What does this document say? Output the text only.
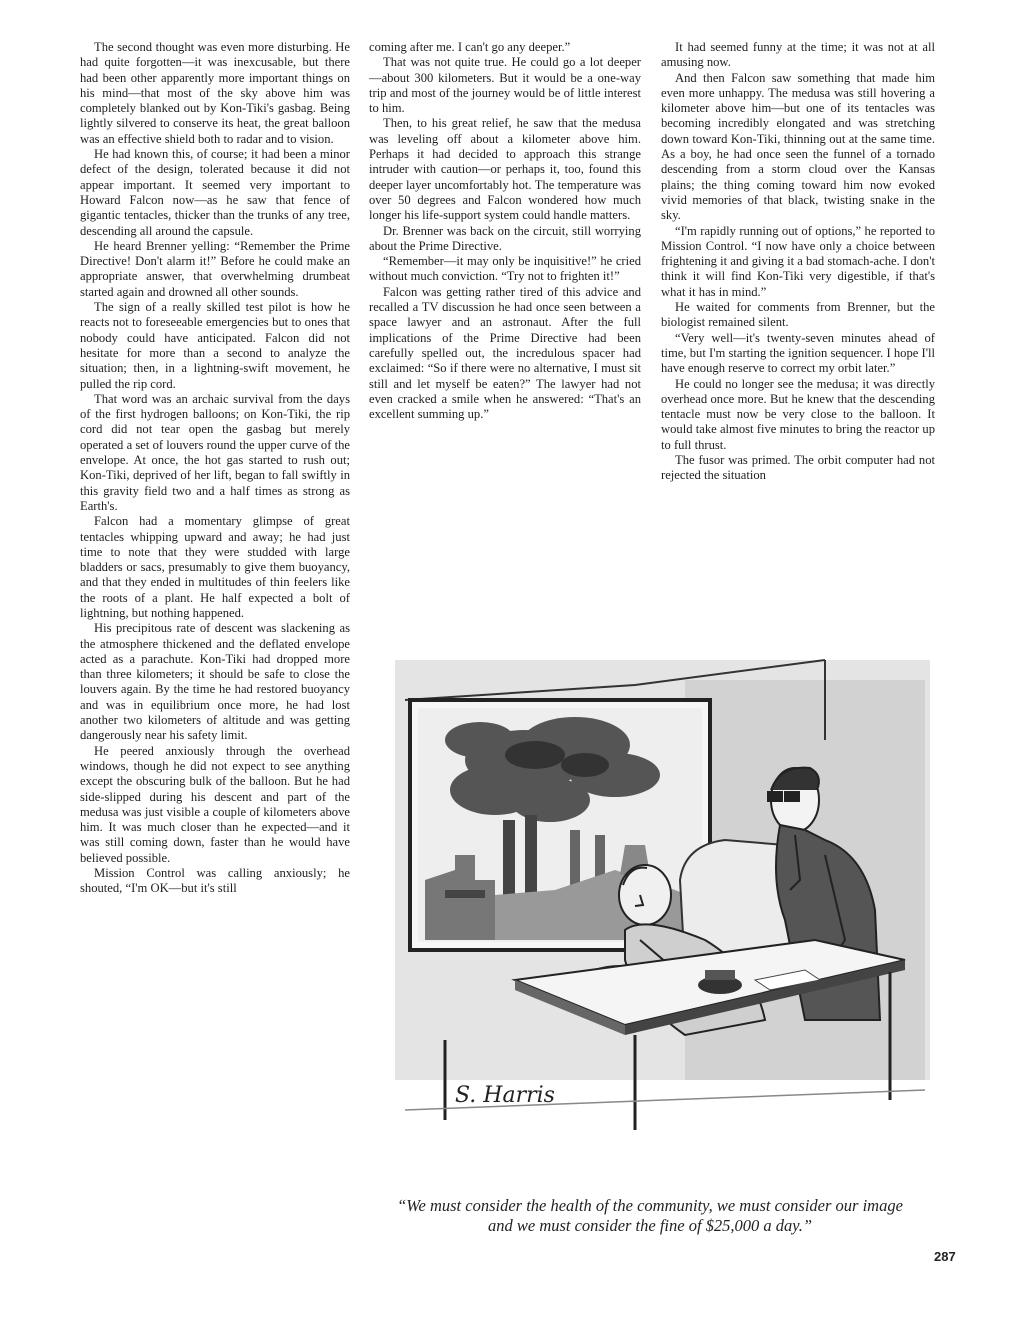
The second thought was even more disturbing. He had quite forgotten—it was inexcusable, but there had been other apparently more important things on his mind—that most of the sky above him was completely blanked out by Kon-Tiki's gasbag. Being lightly silvered to conserve its heat, the great balloon was an effective shield both to radar and to vision.

He had known this, of course; it had been a minor defect of the design, tolerated because it did not appear important. It seemed very important to Howard Falcon now—as he saw that fence of gigantic tentacles, thicker than the trunks of any tree, descending all around the capsule.

He heard Brenner yelling: “Remember the Prime Directive! Don't alarm it!” Before he could make an appropriate answer, that overwhelming drumbeat started again and drowned all other sounds.

The sign of a really skilled test pilot is how he reacts not to foreseeable emergencies but to ones that nobody could have anticipated. Falcon did not hesitate for more than a second to analyze the situation; then, in a lightning-swift movement, he pulled the rip cord.

That word was an archaic survival from the days of the first hydrogen balloons; on Kon-Tiki, the rip cord did not tear open the gasbag but merely operated a set of louvers round the upper curve of the envelope. At once, the hot gas started to rush out; Kon-Tiki, deprived of her lift, began to fall swiftly in this gravity field two and a half times as strong as Earth's.

Falcon had a momentary glimpse of great tentacles whipping upward and away; he had just time to note that they were studded with large bladders or sacs, presumably to give them buoyancy, and that they ended in multitudes of thin feelers like the roots of a plant. He half expected a bolt of lightning, but nothing happened.

His precipitous rate of descent was slackening as the atmosphere thickened and the deflated envelope acted as a parachute. Kon-Tiki had dropped more than three kilometers; it should be safe to close the louvers again. By the time he had restored buoyancy and was in equilibrium once more, he had lost another two kilometers of altitude and was getting dangerously near his safety limit.

He peered anxiously through the overhead windows, though he did not expect to see anything except the obscuring bulk of the balloon. But he had side-slipped during his descent and part of the medusa was just visible a couple of kilometers above him. It was much closer than he expected—and it was still coming down, faster than he would have believed possible.

Mission Control was calling anxiously; he shouted, “I'm OK—but it's still

coming after me. I can't go any deeper.”

That was not quite true. He could go a lot deeper—about 300 kilometers. But it would be a one-way trip and most of the journey would be of little interest to him.

Then, to his great relief, he saw that the medusa was leveling off about a kilometer above him. Perhaps it had decided to approach this strange intruder with caution—or perhaps it, too, found this deeper layer uncomfortably hot. The temperature was over 50 degrees and Falcon wondered how much longer his life-support system could handle matters.

Dr. Brenner was back on the circuit, still worrying about the Prime Directive.

“Remember—it may only be inquisitive!” he cried without much conviction. “Try not to frighten it!”

Falcon was getting rather tired of this advice and recalled a TV discussion he had once seen between a space lawyer and an astronaut. After the full implications of the Prime Directive had been carefully spelled out, the incredulous spacer had exclaimed: “So if there were no alternative, I must sit still and let myself be eaten?” The lawyer had not even cracked a smile when he answered: “That's an excellent summing up.”

It had seemed funny at the time; it was not at all amusing now.

And then Falcon saw something that made him even more unhappy. The medusa was still hovering a kilometer above him—but one of its tentacles was becoming incredibly elongated and was stretching down toward Kon-Tiki, thinning out at the same time. As a boy, he had once seen the funnel of a tornado descending from a storm cloud over the Kansas plains; the thing coming toward him now evoked vivid memories of that black, twisting snake in the sky.

“I'm rapidly running out of options,” he reported to Mission Control. “I now have only a choice between frightening it and giving it a bad stomach-ache. I don't think it will find Kon-Tiki very digestible, if that's what it has in mind.”

He waited for comments from Brenner, but the biologist remained silent.

“Very well—it's twenty-seven minutes ahead of time, but I'm starting the ignition sequencer. I hope I'll have enough reserve to correct my orbit later.”

He could no longer see the medusa; it was directly overhead once more. But he knew that the descending tentacle must now be very close to the balloon. It would take almost five minutes to bring the reactor up to full thrust.

The fusor was primed. The orbit computer had not rejected the situation

S. Harris
“We must consider the health of the community, we must consider our image and we must consider the fine of $25,000 a day.”
287
